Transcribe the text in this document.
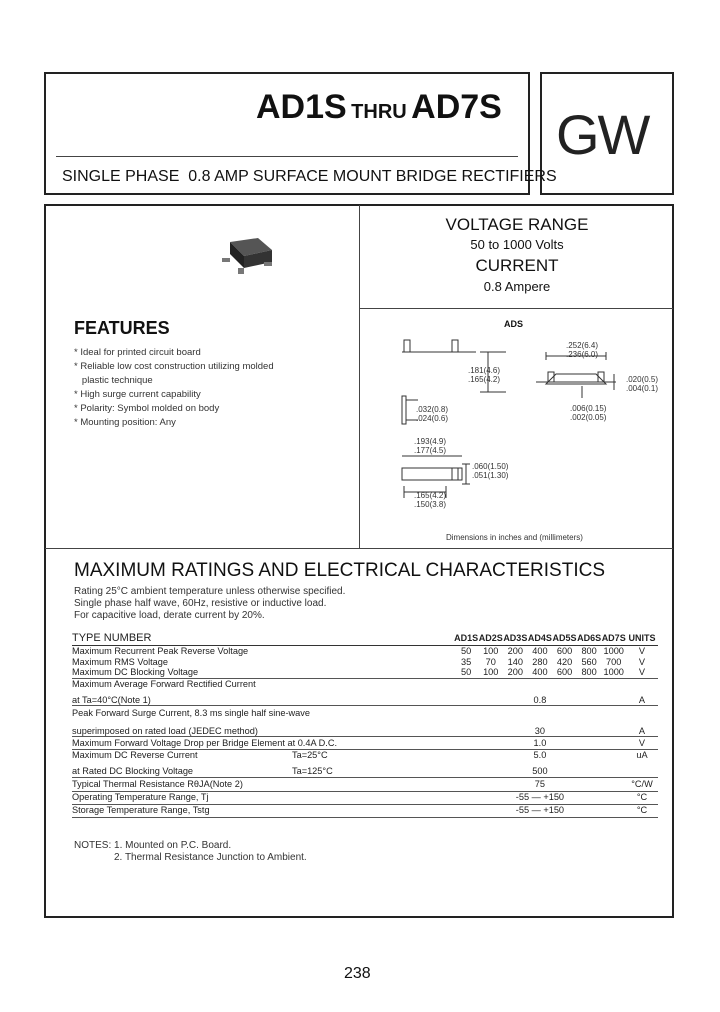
AD1S THRU AD7S
SINGLE PHASE  0.8 AMP SURFACE MOUNT BRIDGE RECTIFIERS
GW
VOLTAGE RANGE
50 to 1000 Volts
CURRENT
0.8 Ampere
FEATURES
* Ideal for printed circuit board
* Reliable low cost construction utilizing molded
plastic technique
* High surge current capability
* Polarity: Symbol molded on body
* Mounting position: Any
ADS
.181(4.6)
.165(4.2)
.032(0.8)
.024(0.6)
.193(4.9)
.177(4.5)
.060(1.50)
.051(1.30)
.165(4.2)
.150(3.8)
.252(6.4)
.236(6.0)
.020(0.5)
.004(0.1)
.006(0.15)
.002(0.05)
Dimensions in inches and (millimeters)
MAXIMUM RATINGS AND ELECTRICAL CHARACTERISTICS
Rating 25°C ambient temperature unless otherwise specified.
Single phase half wave, 60Hz, resistive or inductive load.
For capacitive load, derate current by 20%.
TYPE NUMBER	AD1S	AD2S	AD3S	AD4S	AD5S	AD6S	AD7S	UNITS
Maximum Recurrent Peak Reverse Voltage	50	100	200	400	600	800	1000	V
Maximum RMS Voltage	35	70	140	280	420	560	700	V
Maximum DC Blocking Voltage	50	100	200	400	600	800	1000	V
Maximum Average Forward Rectified Current								
at Ta=40°C(Note 1)	0.8							A
Peak Forward Surge Current, 8.3 ms single half sine-wave								
superimposed on rated load (JEDEC method)	30							A
Maximum Forward Voltage Drop per Bridge Element at 0.4A D.C.	1.0							V
Maximum DC Reverse Current Ta=25°C	5.0							uA
at Rated DC Blocking Voltage Ta=125°C	500							
Typical Thermal Resistance RθJA(Note 2)	75							°C/W
Operating Temperature Range, Tj	-55 — +150							°C
Storage Temperature Range, Tstg	-55 — +150							°C
NOTES: 1. Mounted on P.C. Board.
2. Thermal Resistance Junction to Ambient.
238
